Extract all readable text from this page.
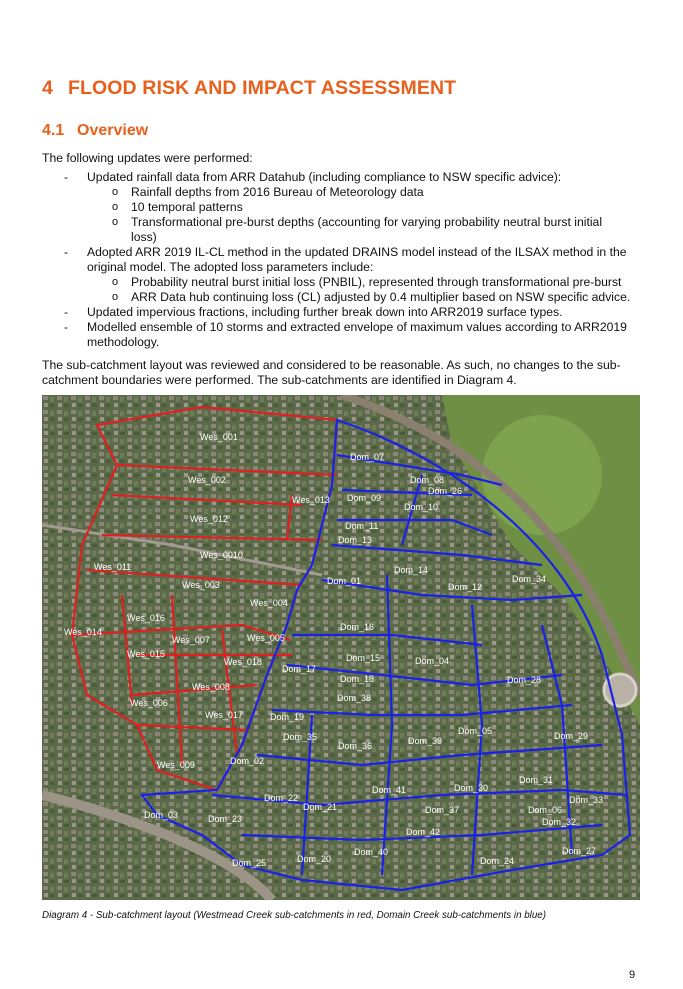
4 FLOOD RISK AND IMPACT ASSESSMENT
4.1 Overview

The following updates were performed:

- Updated rainfall data from ARR Datahub (including compliance to NSW specific advice):
o Rainfall depths from 2016 Bureau of Meteorology data
o 10 temporal patterns
o Transformational pre-burst depths (accounting for varying probability neutral burst initial
loss)
- Adopted ARR 2019 IL-CL method in the updated DRAINS model instead of the ILSAX method in the
original model. The adopted loss parameters include:
o Probability neutral burst initial loss (PNBIL), represented through transformational pre-burst
o ARR Data hub continuing loss (CL) adjusted by 0.4 multiplier based on NSW specific advice.
- Updated impervious fractions, including further break down into ARR2019 surface types.
- Modelled ensemble of 10 storms and extracted envelope of maximum values according to ARR2019
methodology.

The sub-catchment layout was reviewed and considered to be reasonable. As such, no changes to the sub-
catchment boundaries were performed. The sub-catchments are identified in Diagram 4.

Wes_001
Wes_002
Wes_013
Wes_012
Wes_0010
Wes_011
Wes_003
Wes_004
Wes_016
Wes_014
Wes_007	Wes_005
Wes_015
Wes_018
Wes_008
Wes_006
Wes_017
Wes_009
Dom_07
Dom_08
Dom_26
Dom_09
Dom_10
Dom_11
Dom_13
Dom_14
Dom_01
Dom_12
Dom_34
Dom_16
Dom_15	Dom_04
Dom_17
Dom_18	Dom_28
Dom_38
Dom_19
Dom_05	Dom_29
Dom_35	Dom_39
Dom_36
Dom_02
Dom_31
Dom_41	Dom_30
Dom_22
Dom_21	Dom_37	Dom_06
Dom_33
Dom_03	Dom_23	Dom_32
Dom_42
Dom_40	Dom_27
Dom_25	Dom_20	Dom_24

Diagram 4 - Sub-catchment layout (Westmead Creek sub-catchments in red, Domain Creek sub-catchments in blue)

9
